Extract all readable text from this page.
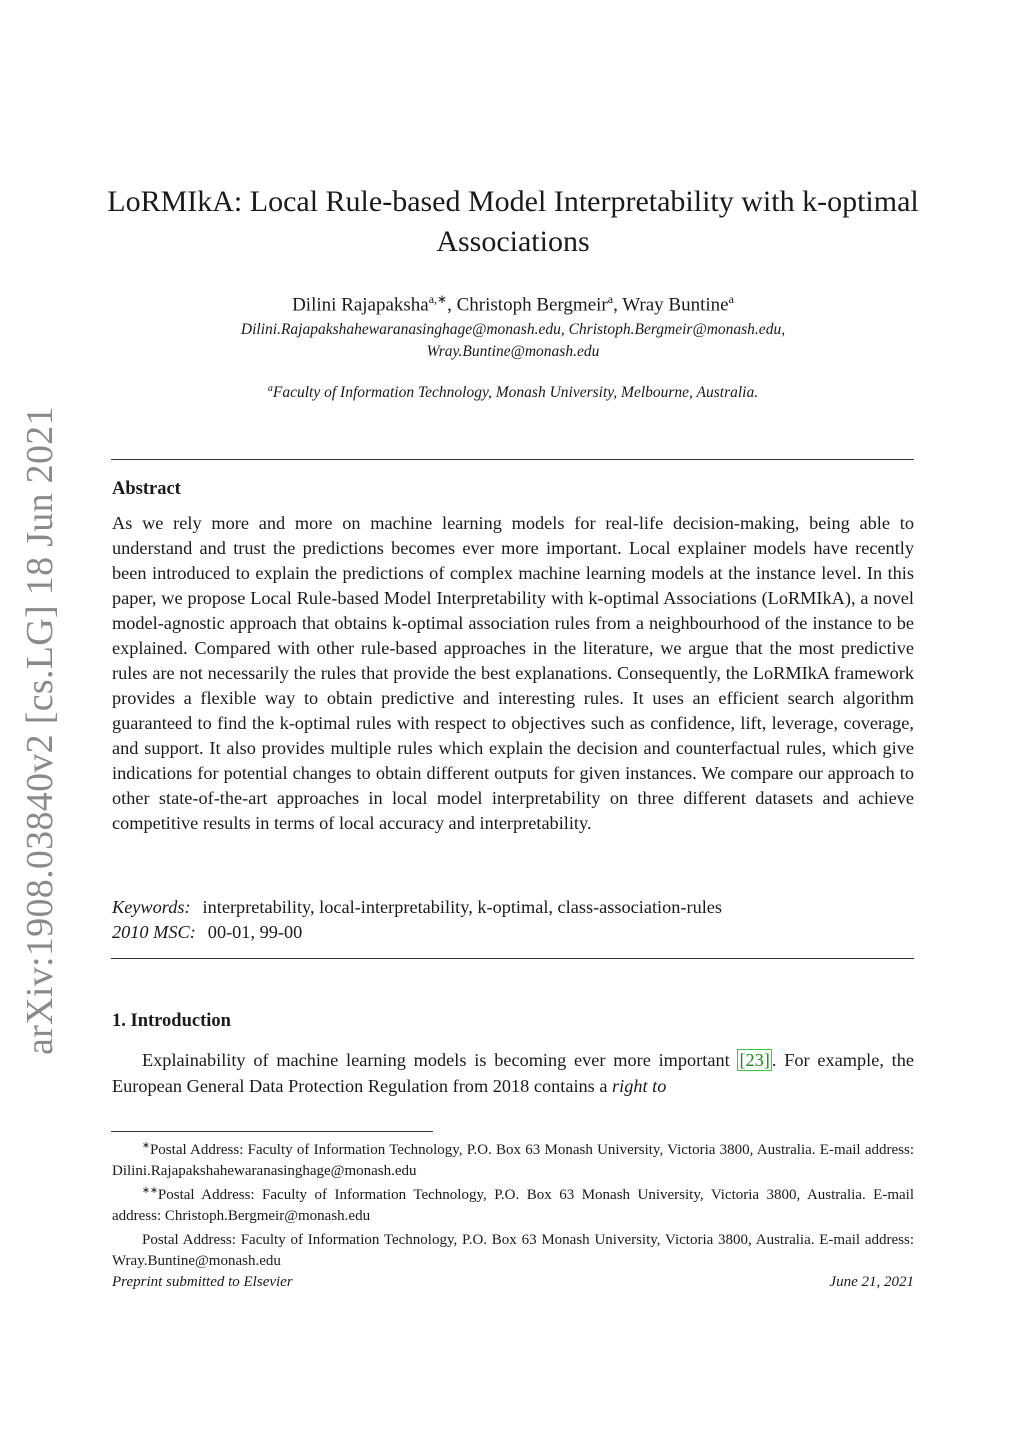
arXiv:1908.03840v2 [cs.LG] 18 Jun 2021
LoRMIkA: Local Rule-based Model Interpretability with k-optimal
Associations
Dilini Rajapaksha$^{a,∗}$, Christoph Bergmeir$^a$, Wray Buntine$^a$
Dilini.Rajapakshahewaranasinghage@monash.edu, Christoph.Bergmeir@monash.edu,
Wray.Buntine@monash.edu
$^a$Faculty of Information Technology, Monash University, Melbourne, Australia.
Abstract
As we rely more and more on machine learning models for real-life decision-making, being able to understand and trust the predictions becomes ever more important. Local explainer models have recently been introduced to explain the predictions of complex machine learning models at the instance level. In this paper, we propose Local Rule-based Model Interpretability with k-optimal Associations (LoRMIkA), a novel model-agnostic approach that obtains k-optimal association rules from a neighbourhood of the instance to be explained. Compared with other rule-based approaches in the literature, we argue that the most predictive rules are not necessarily the rules that provide the best explanations. Consequently, the LoRMIkA framework provides a flexible way to obtain predictive and interesting rules. It uses an efficient search algorithm guaranteed to find the k-optimal rules with respect to objectives such as confidence, lift, leverage, coverage, and support. It also provides multiple rules which explain the decision and counterfactual rules, which give indications for potential changes to obtain different outputs for given instances. We compare our approach to other state-of-the-art approaches in local model interpretability on three different datasets and achieve competitive results in terms of local accuracy and interpretability.
Keywords: interpretability, local-interpretability, k-optimal, class-association-rules
2010 MSC: 00-01, 99-00
1. Introduction
Explainability of machine learning models is becoming ever more important [23] . For example, the European General Data Protection Regulation from 2018 contains a right to

∗Postal Address: Faculty of Information Technology, P.O. Box 63 Monash University, Victoria 3800, Australia. E-mail address: Dilini.Rajapakshahewaranasinghage@monash.edu

∗∗Postal Address: Faculty of Information Technology, P.O. Box 63 Monash University, Victoria 3800, Australia. E-mail address: Christoph.Bergmeir@monash.edu

Postal Address: Faculty of Information Technology, P.O. Box 63 Monash University, Victoria 3800, Australia. E-mail address: Wray.Buntine@monash.edu

Preprint submitted to Elsevier	June 21, 2021
